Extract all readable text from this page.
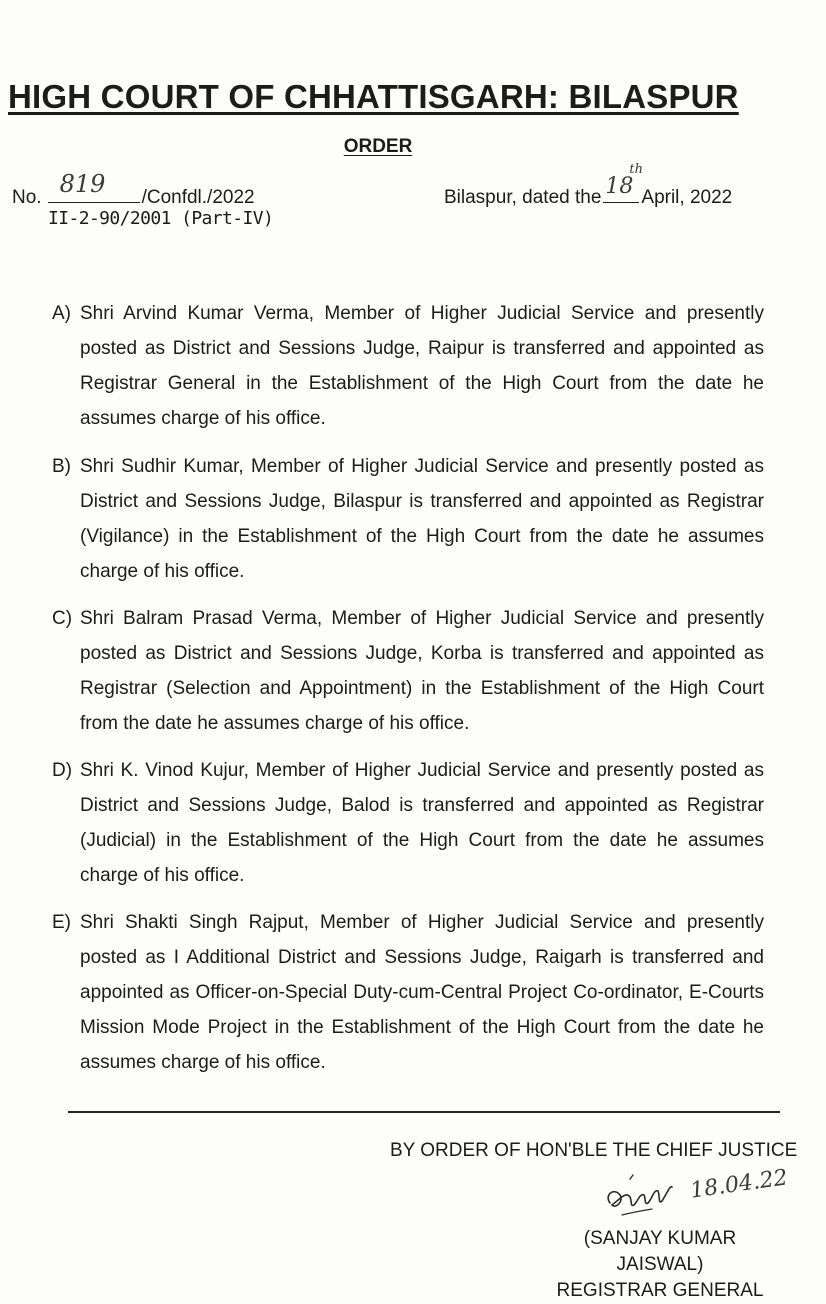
HIGH COURT OF CHHATTISGARH: BILASPUR
ORDER
No. 819 /Confdl./2022	Bilaspur, dated the 18
th
April, 2022
II-2-90/2001 (Part-IV)
A) Shri Arvind Kumar Verma, Member of Higher Judicial Service and presently posted as District and Sessions Judge, Raipur is transferred and appointed as Registrar General in the Establishment of the High Court from the date he assumes charge of his office.
B) Shri Sudhir Kumar, Member of Higher Judicial Service and presently posted as District and Sessions Judge, Bilaspur is transferred and appointed as Registrar (Vigilance) in the Establishment of the High Court from the date he assumes charge of his office.
C) Shri Balram Prasad Verma, Member of Higher Judicial Service and presently posted as District and Sessions Judge, Korba is transferred and appointed as Registrar (Selection and Appointment) in the Establishment of the High Court from the date he assumes charge of his office.
D) Shri K. Vinod Kujur, Member of Higher Judicial Service and presently posted as District and Sessions Judge, Balod is transferred and appointed as Registrar (Judicial) in the Establishment of the High Court from the date he assumes charge of his office.
E) Shri Shakti Singh Rajput, Member of Higher Judicial Service and presently posted as I Additional District and Sessions Judge, Raigarh is transferred and appointed as Officer-on-Special Duty-cum-Central Project Co-ordinator, E-Courts Mission Mode Project in the Establishment of the High Court from the date he assumes charge of his office.
BY ORDER OF HON'BLE THE CHIEF JUSTICE
18.04.22
(SANJAY KUMAR JAISWAL)
REGISTRAR GENERAL
